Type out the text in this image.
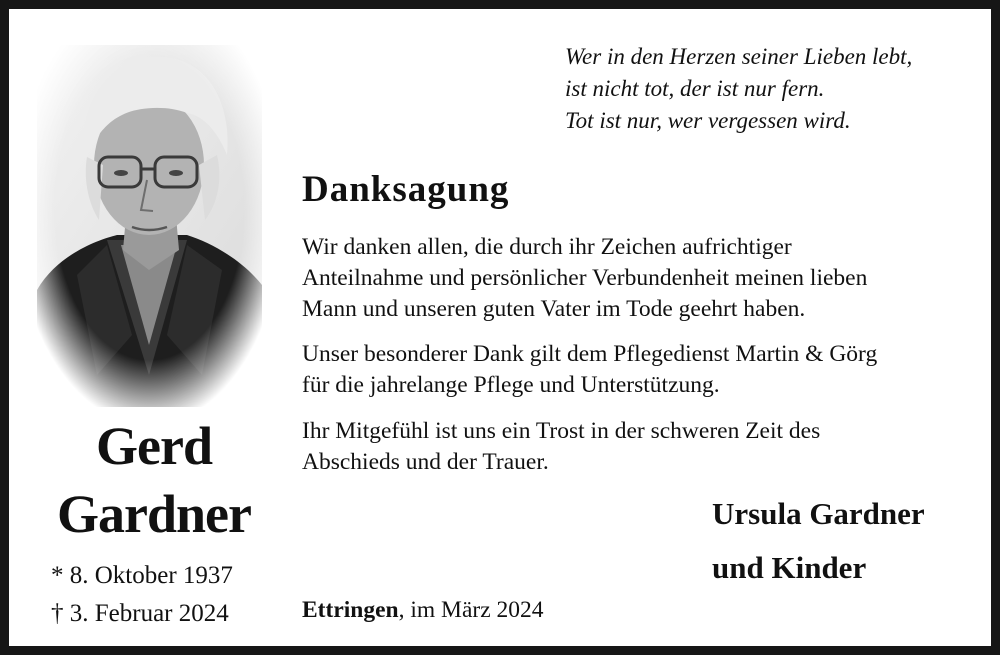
Gerd
Gardner
* 8. Oktober 1937
† 3. Februar 2024
Wer in den Herzen seiner Lieben lebt,
ist nicht tot, der ist nur fern.
Tot ist nur, wer vergessen wird.
Danksagung
Wir danken allen, die durch ihr Zeichen aufrichtiger
Anteilnahme und persönlicher Verbundenheit meinen lieben
Mann und unseren guten Vater im Tode geehrt haben.
Unser besonderer Dank gilt dem Pflegedienst Martin & Görg
für die jahrelange Pflege und Unterstützung.
Ihr Mitgefühl ist uns ein Trost in der schweren Zeit des
Abschieds und der Trauer.
Ursula Gardner
und Kinder
Ettringen, im März 2024
